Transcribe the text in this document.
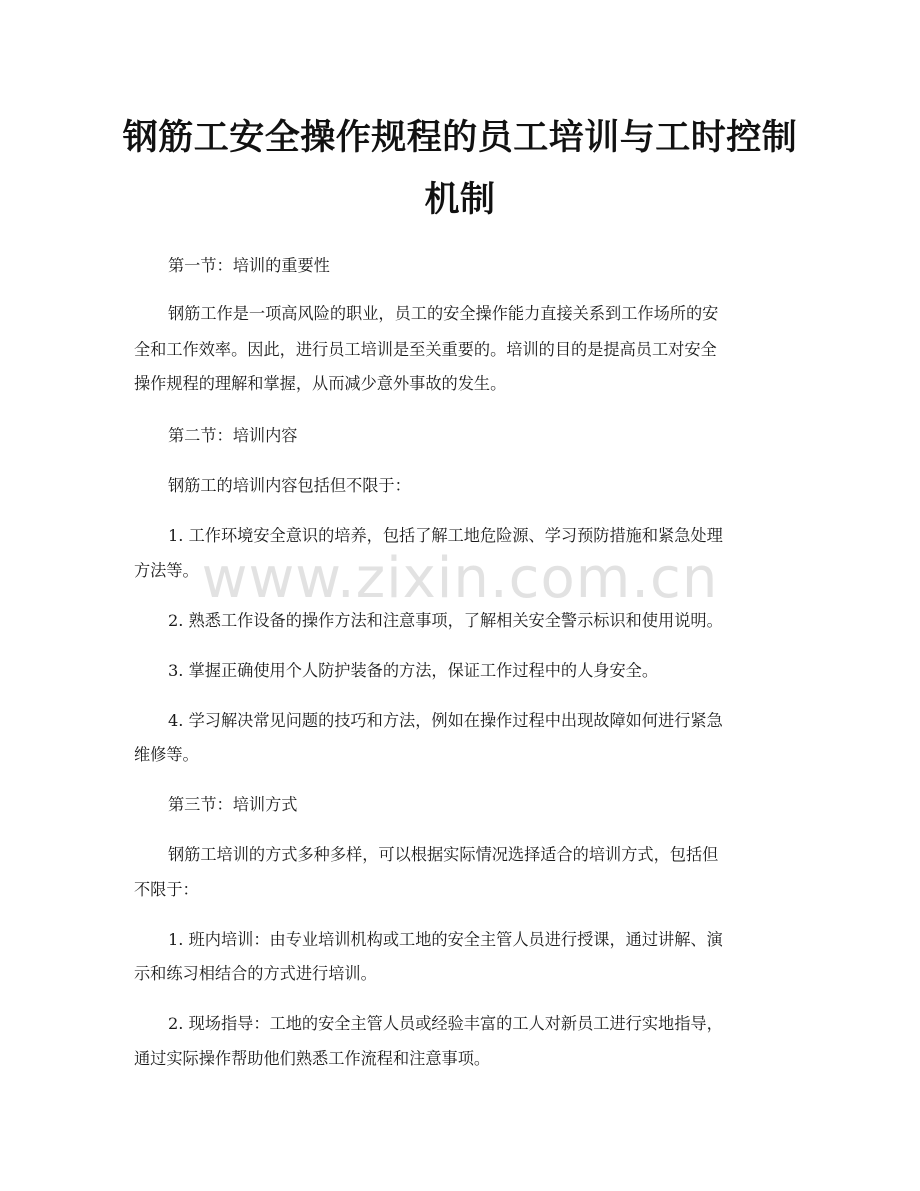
钢筋工安全操作规程的员工培训与工时控制
机制

第一节：培训的重要性

钢筋工作是一项高风险的职业，员工的安全操作能力直接关系到工作场所的安

全和工作效率。因此，进行员工培训是至关重要的。培训的目的是提高员工对安全

操作规程的理解和掌握，从而减少意外事故的发生。

第二节：培训内容

钢筋工的培训内容包括但不限于：

1. 工作环境安全意识的培养，包括了解工地危险源、学习预防措施和紧急处理

方法等。

2. 熟悉工作设备的操作方法和注意事项，了解相关安全警示标识和使用说明。

3. 掌握正确使用个人防护装备的方法，保证工作过程中的人身安全。

4. 学习解决常见问题的技巧和方法，例如在操作过程中出现故障如何进行紧急

维修等。

第三节：培训方式

钢筋工培训的方式多种多样，可以根据实际情况选择适合的培训方式，包括但

不限于：

1. 班内培训：由专业培训机构或工地的安全主管人员进行授课，通过讲解、演

示和练习相结合的方式进行培训。

2. 现场指导：工地的安全主管人员或经验丰富的工人对新员工进行实地指导，

通过实际操作帮助他们熟悉工作流程和注意事项。

www.zixin.com.cn
